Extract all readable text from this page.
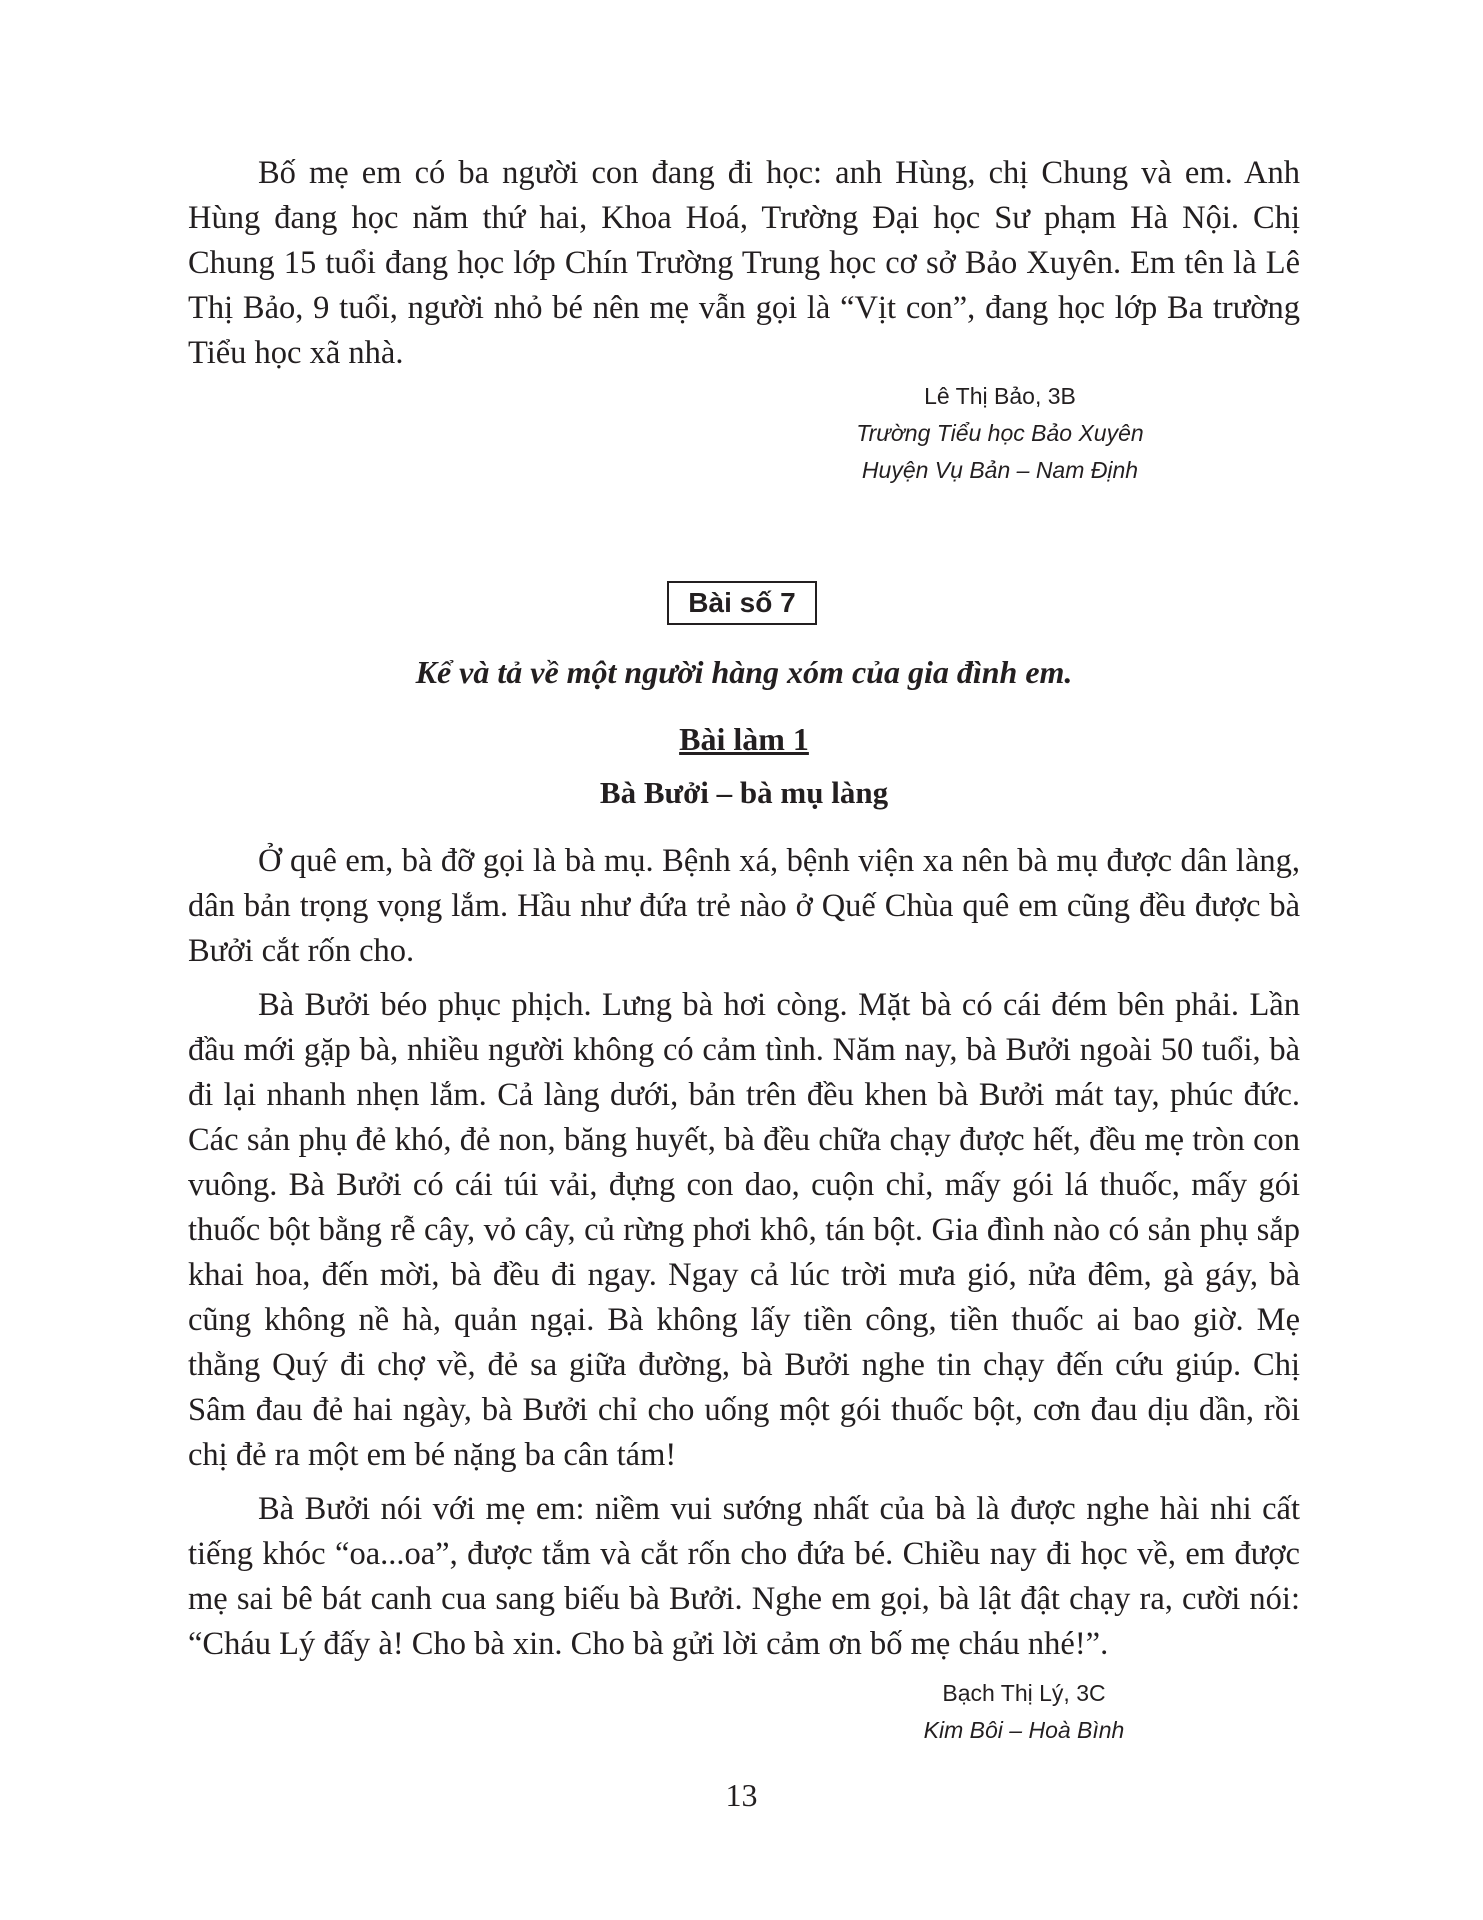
Bố mẹ em có ba người con đang đi học: anh Hùng, chị Chung và em. Anh Hùng đang học năm thứ hai, Khoa Hoá, Trường Đại học Sư phạm Hà Nội. Chị Chung 15 tuổi đang học lớp Chín Trường Trung học cơ sở Bảo Xuyên. Em tên là Lê Thị Bảo, 9 tuổi, người nhỏ bé nên mẹ vẫn gọi là “Vịt con”, đang học lớp Ba trường Tiểu học xã nhà.

Lê Thị Bảo, 3B
Trường Tiểu học Bảo Xuyên
Huyện Vụ Bản – Nam Định
Bài số 7

Kể và tả về một người hàng xóm của gia đình em.

Bài làm 1

Bà Bưởi – bà mụ làng

Ở quê em, bà đỡ gọi là bà mụ. Bệnh xá, bệnh viện xa nên bà mụ được dân làng, dân bản trọng vọng lắm. Hầu như đứa trẻ nào ở Quế Chùa quê em cũng đều được bà Bưởi cắt rốn cho.

Bà Bưởi béo phục phịch. Lưng bà hơi còng. Mặt bà có cái đém bên phải. Lần đầu mới gặp bà, nhiều người không có cảm tình. Năm nay, bà Bưởi ngoài 50 tuổi, bà đi lại nhanh nhẹn lắm. Cả làng dưới, bản trên đều khen bà Bưởi mát tay, phúc đức. Các sản phụ đẻ khó, đẻ non, băng huyết, bà đều chữa chạy được hết, đều mẹ tròn con vuông. Bà Bưởi có cái túi vải, đựng con dao, cuộn chỉ, mấy gói lá thuốc, mấy gói thuốc bột bằng rễ cây, vỏ cây, củ rừng phơi khô, tán bột. Gia đình nào có sản phụ sắp khai hoa, đến mời, bà đều đi ngay. Ngay cả lúc trời mưa gió, nửa đêm, gà gáy, bà cũng không nề hà, quản ngại. Bà không lấy tiền công, tiền thuốc ai bao giờ. Mẹ thằng Quý đi chợ về, đẻ sa giữa đường, bà Bưởi nghe tin chạy đến cứu giúp. Chị Sâm đau đẻ hai ngày, bà Bưởi chỉ cho uống một gói thuốc bột, cơn đau dịu dần, rồi chị đẻ ra một em bé nặng ba cân tám!

Bà Bưởi nói với mẹ em: niềm vui sướng nhất của bà là được nghe hài nhi cất tiếng khóc “oa...oa”, được tắm và cắt rốn cho đứa bé. Chiều nay đi học về, em được mẹ sai bê bát canh cua sang biếu bà Bưởi. Nghe em gọi, bà lật đật chạy ra, cười nói: “Cháu Lý đấy à! Cho bà xin. Cho bà gửi lời cảm ơn bố mẹ cháu nhé!”.

Bạch Thị Lý, 3C
Kim Bôi – Hoà Bình
13
